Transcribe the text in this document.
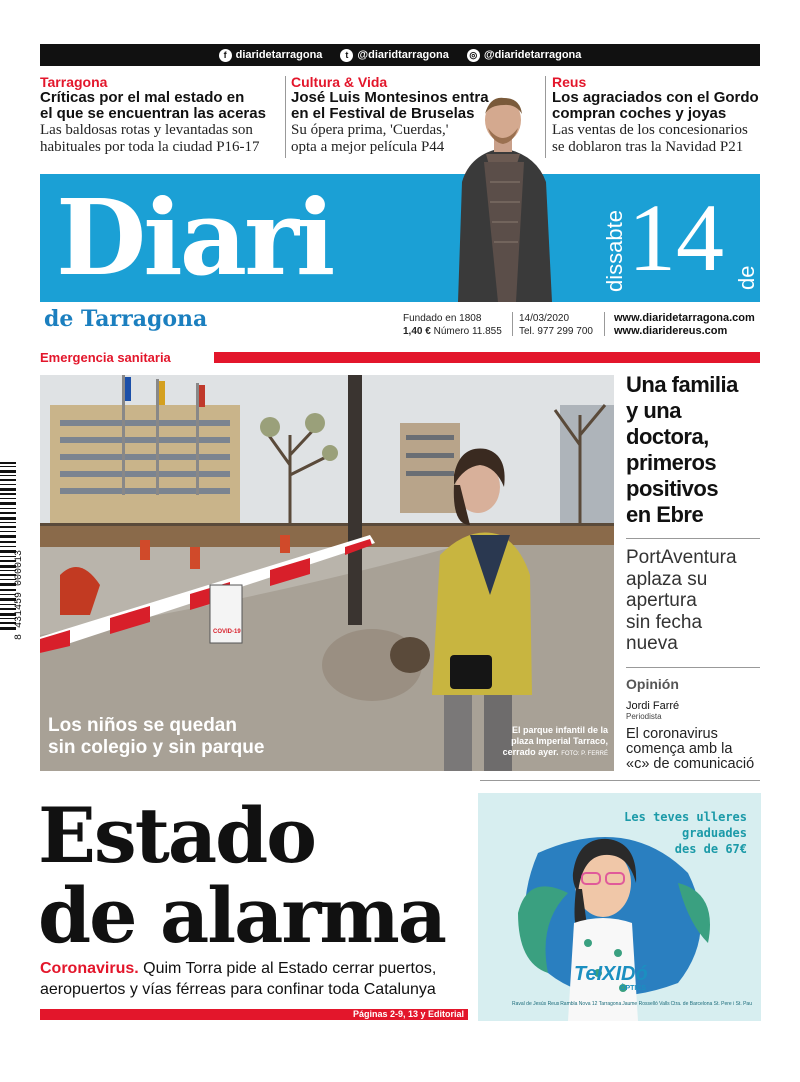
f diaridetarragona	t @diaridtarragona ◎ @diaridetarragona
Tarragona
Críticas por el mal estado en
el que se encuentran las aceras
Las baldosas rotas y levantadas son
habituales por toda la ciudad P16-17
Cultura & Vida
José Luis Montesinos entra
en el Festival de Bruselas
Su ópera prima, 'Cuerdas,'
opta a mejor película P44
Reus
Los agraciados con el Gordo
compran coches y joyas
Las ventas de los concesionarios
se doblaron tras la Navidad P21
Diari	dissabte 14 de març
de Tarragona	Fundado en 1808
1,40 € Número 11.855
14/03/2020
Tel. 977 299 700
www.diaridetarragona.com
www.diaridereus.com
Emergencia sanitaria
COVID-19
Los niños se quedan
sin colegio y sin parque
El parque infantil de la
plaza Imperial Tarraco,
cerrado ayer. FOTO: P. FERRÉ
Una familia
y una
doctora,
primeros
positivos
en Ebre
PortAventura
aplaza su
apertura
sin fecha
nueva
Opinión
Jordi Farré
Periodista
El coronavirus
comença amb la
«c» de comunicació
Estado
de alarma
Coronavirus. Quim Torra pide al Estado cerrar puertos, aeropuertos y vías férreas para confinar toda Catalunya
Páginas 2-9, 13 y Editorial
Les teves ulleres
graduades
des de 67€
TeIXIDó
ÒPTICS
Raval de Jesús Reus Rambla Nova 12 Tarragona Jaume Rosselló Valls Ctra. de Barcelona St. Pere i St. Pau
8 431459 000013
